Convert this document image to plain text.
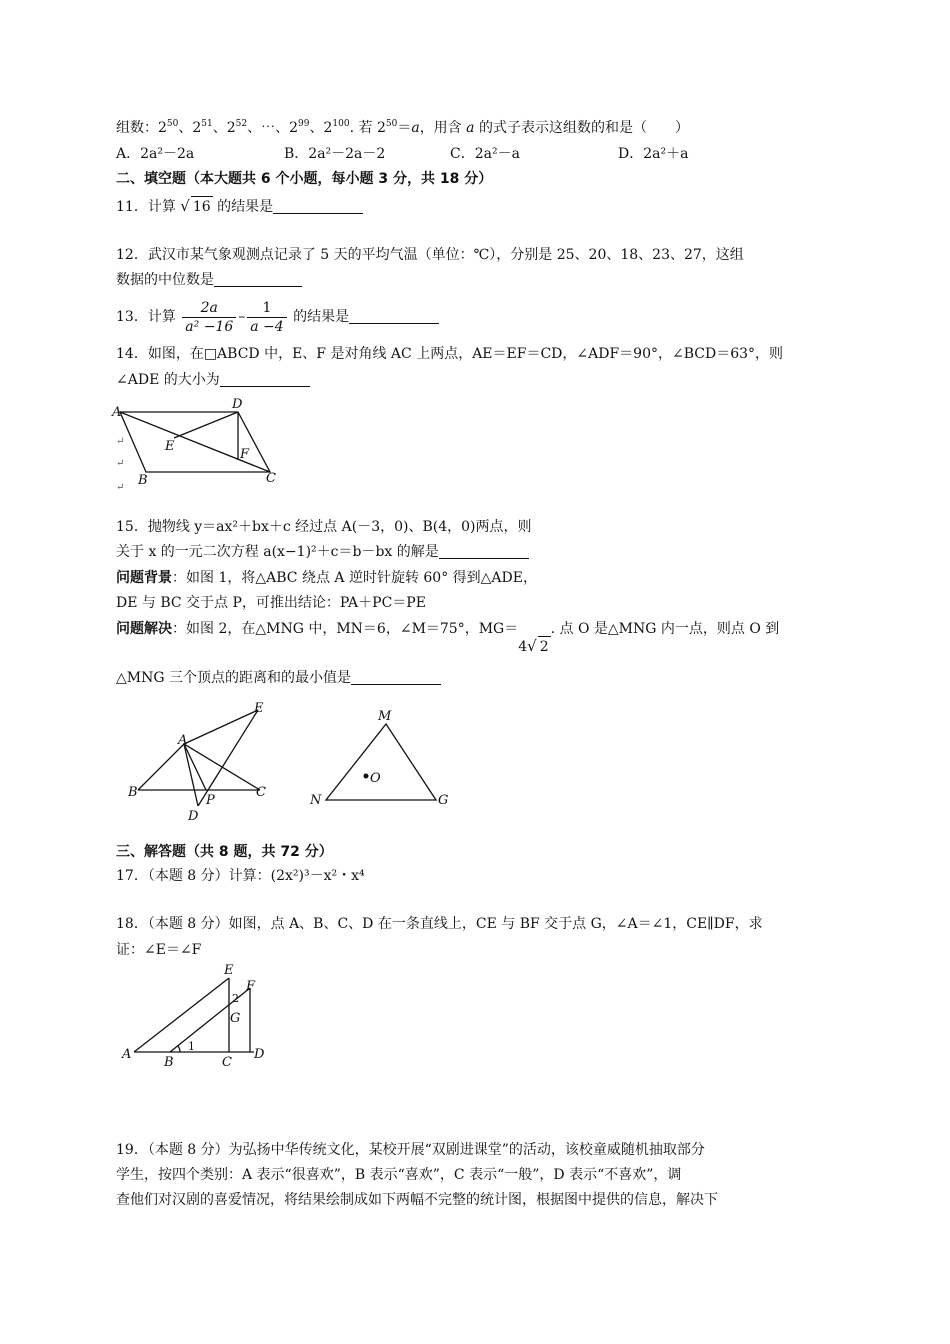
组数：$2^{50}$、$2^{51}$、$2^{52}$、⋯、$2^{99}$、$2^{100}$. 若 $2^{50}=a$，用含 a 的式子表示这组数的和是（　　）
A．2a²－2a	B．2a²－2a－2	C．2a²－a	D．2a²＋a
二、填空题（本大题共 6 个小题，每小题 3 分，共 18 分）
11．计算 √ 16 的结果是
12．武汉市某气象观测点记录了 5 天的平均气温（单位：℃），分别是 25、20、18、23、27，这组
数据的中位数是
13．计算 $\frac{2a}{\text{a² −16}} - \frac{1}{a -4}$ 的结果是
14．如图，在□ABCD 中，E、F 是对角线 AC 上两点，AE＝EF＝CD，∠ADF＝90°，∠BCD＝63°，则
∠ADE 的大小为
A
D
B	C
E
F
↵
↵
↵
15．抛物线 y＝ax²＋bx＋c 经过点 A(－3，0)、B(4，0)两点，则
关于 x 的一元二次方程 a(x−1)²＋c＝b－bx 的解是
问题背景：如图 1，将△ABC 绕点 A 逆时针旋转 60° 得到△ADE，
DE 与 BC 交于点 P，可推出结论：PA＋PC＝PE
问题解决：如图 2，在△MNG 中，MN＝6，∠M＝75°，MG＝4√ 2. 点 O 是△MNG 内一点，则点 O 到
△MNG 三个顶点的距离和的最小值是
A
E
B	C
D
P
M
N	G
O
三、解答题（共 8 题，共 72 分）
17．（本题 8 分）计算：(2x²)³－x²・x⁴
18．（本题 8 分）如图，点 A、B、C、D 在一条直线上，CE 与 BF 交于点 G，∠A＝∠1，CE∥DF，求
证：∠E＝∠F
E
F
G
A
B	C
D
1
2
19．（本题 8 分）为弘扬中华传统文化，某校开展“双剧进课堂”的活动，该校童威随机抽取部分
学生，按四个类别：A 表示“很喜欢”，B 表示“喜欢”，C 表示“一般”，D 表示“不喜欢”，调
查他们对汉剧的喜爱情况，将结果绘制成如下两幅不完整的统计图，根据图中提供的信息，解决下
